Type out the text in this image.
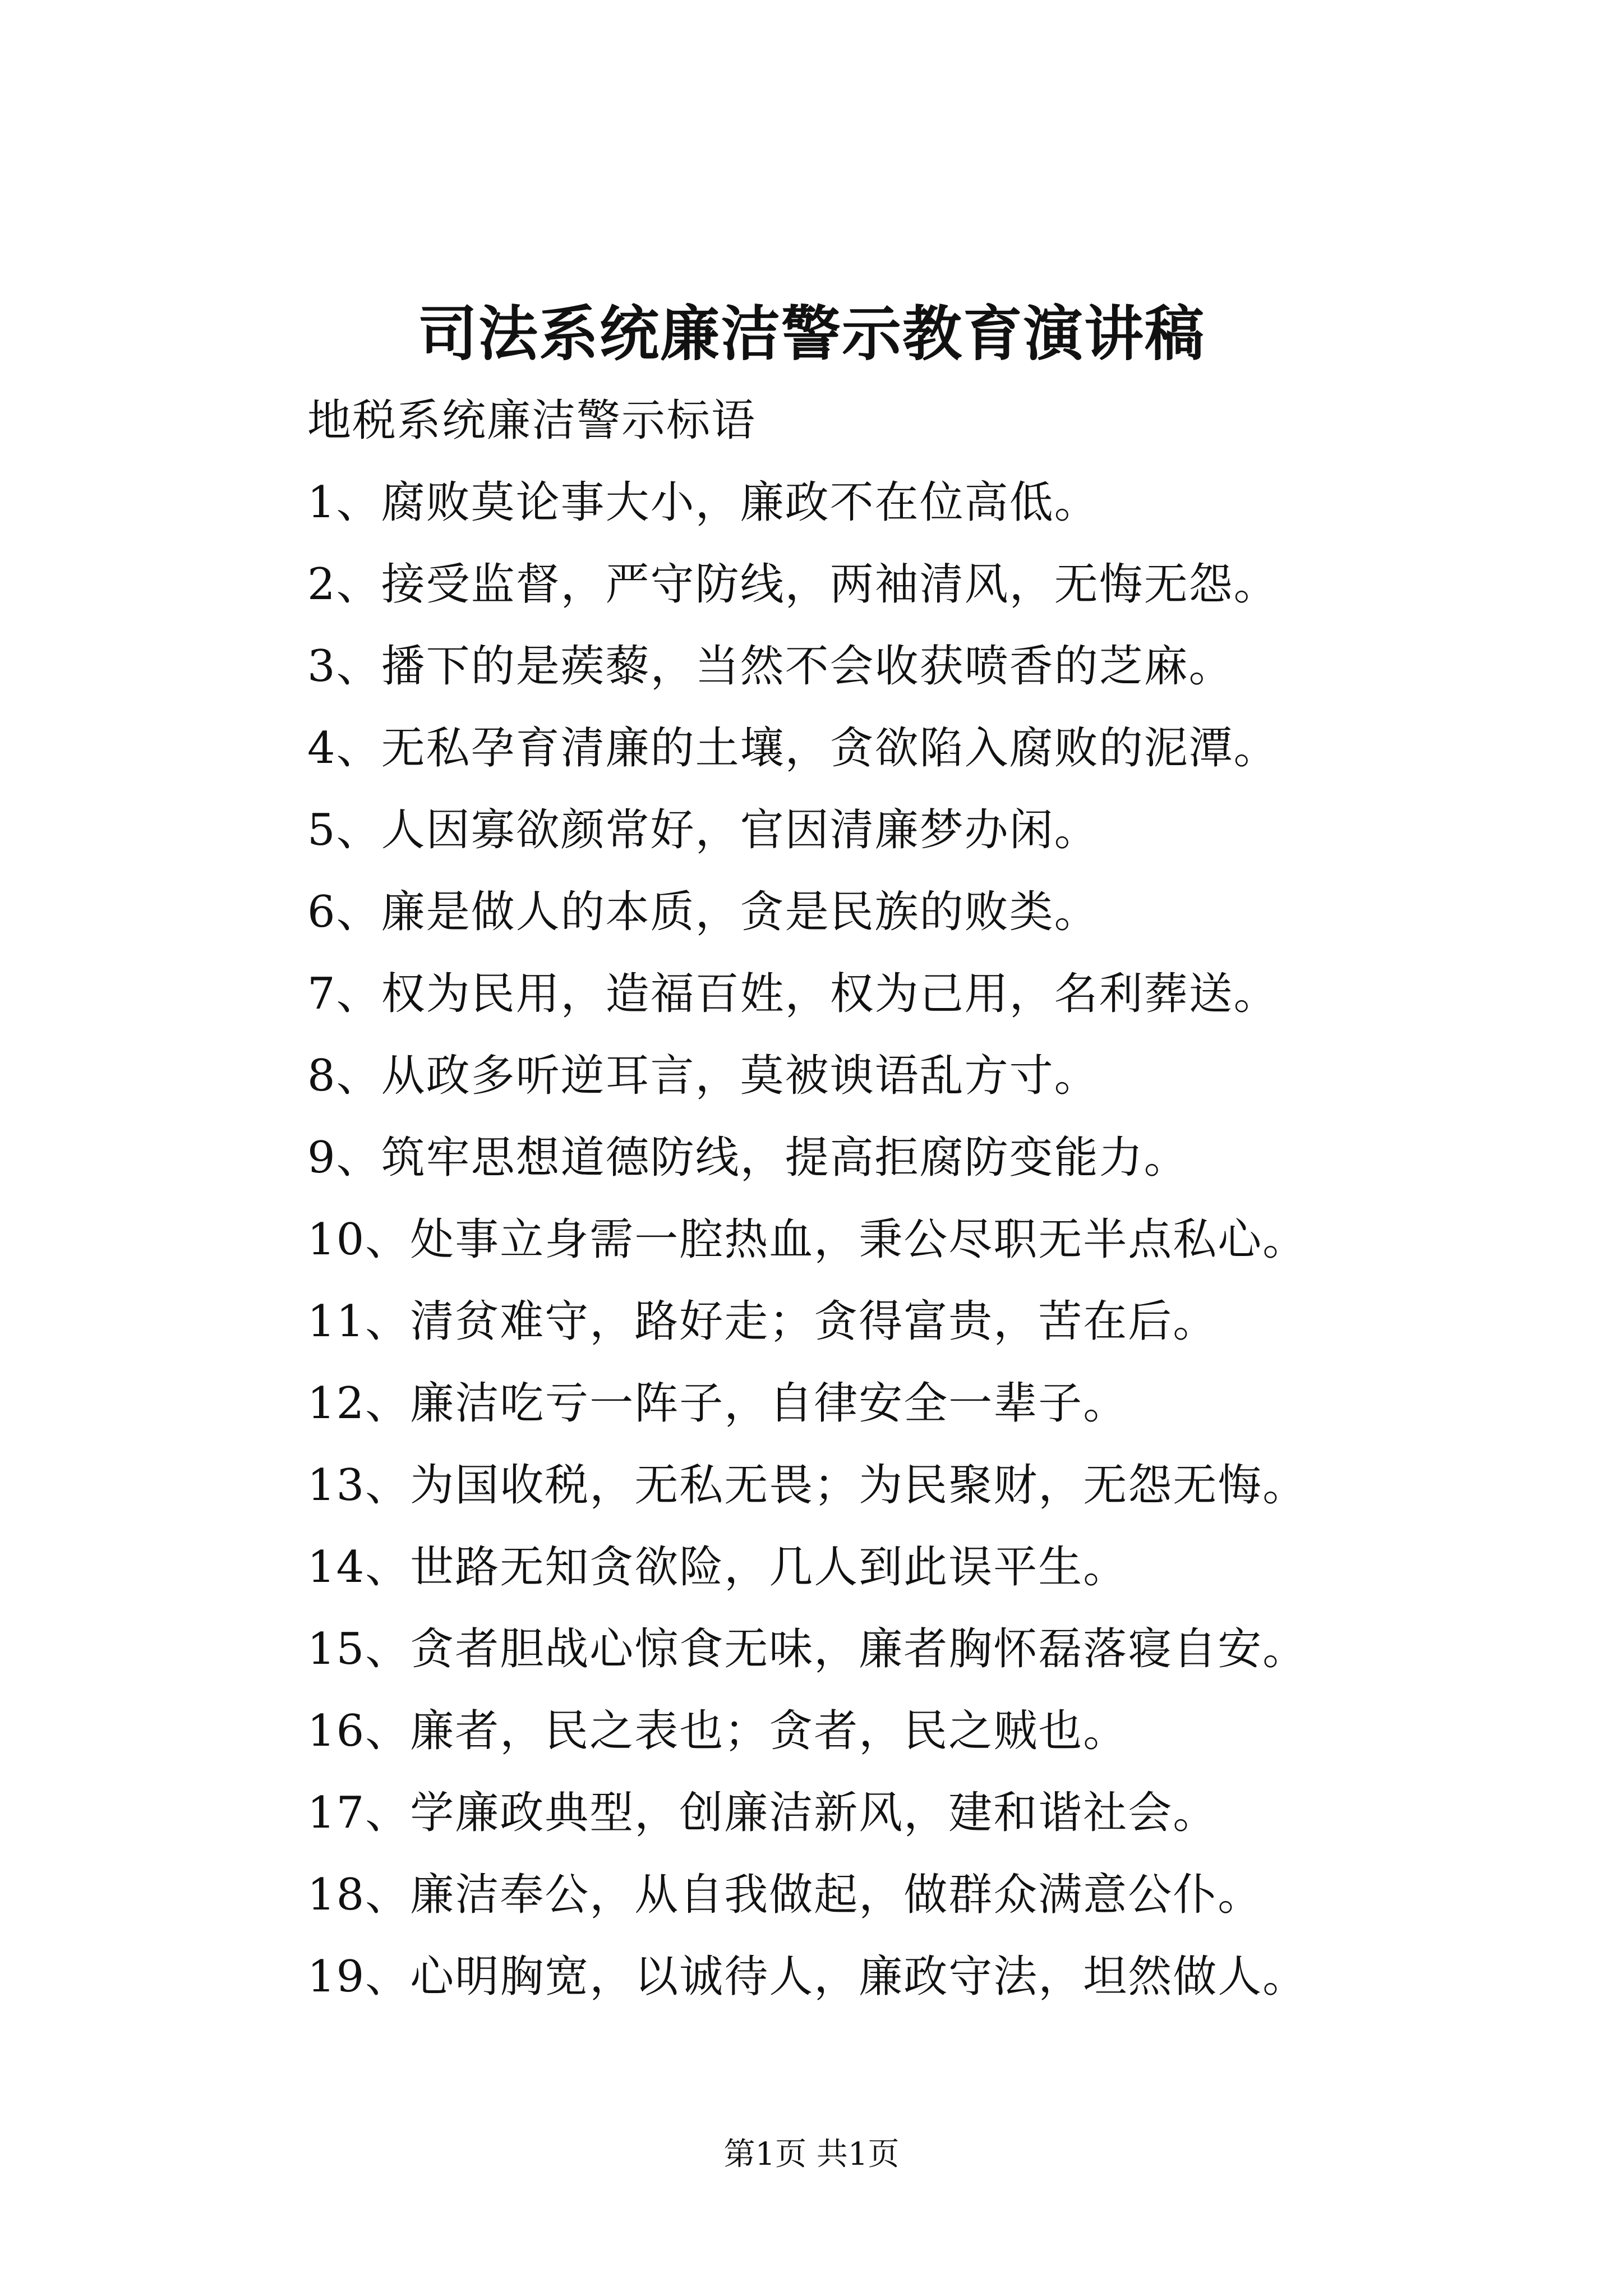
司法系统廉洁警示教育演讲稿
地税系统廉洁警示标语
1、腐败莫论事大小，廉政不在位高低。
2、接受监督，严守防线，两袖清风，无悔无怨。
3、播下的是蒺藜，当然不会收获喷香的芝麻。
4、无私孕育清廉的土壤，贪欲陷入腐败的泥潭。
5、人因寡欲颜常好，官因清廉梦办闲。
6、廉是做人的本质，贪是民族的败类。
7、权为民用，造福百姓，权为己用，名利葬送。
8、从政多听逆耳言，莫被谀语乱方寸。
9、筑牢思想道德防线，提高拒腐防变能力。
10、处事立身需一腔热血，秉公尽职无半点私心。
11、清贫难守，路好走；贪得富贵，苦在后。
12、廉洁吃亏一阵子，自律安全一辈子。
13、为国收税，无私无畏；为民聚财，无怨无悔。
14、世路无知贪欲险，几人到此误平生。
15、贪者胆战心惊食无味，廉者胸怀磊落寝自安。
16、廉者，民之表也；贪者，民之贼也。
17、学廉政典型，创廉洁新风，建和谐社会。
18、廉洁奉公，从自我做起，做群众满意公仆。
19、心明胸宽，以诚待人，廉政守法，坦然做人。
第1页 共1页
